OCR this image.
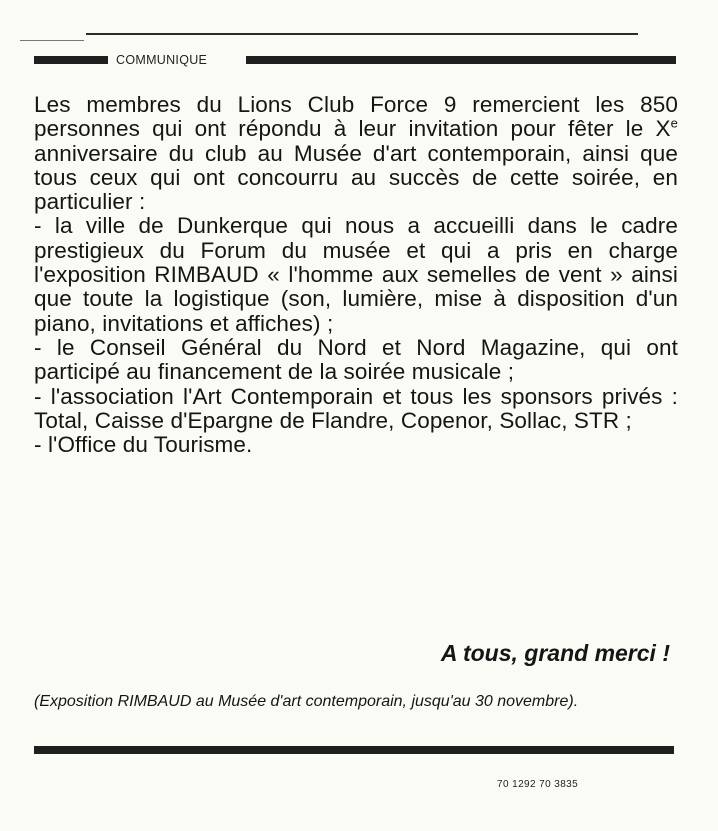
COMMUNIQUE

Les membres du Lions Club Force 9 remercient les 850 personnes qui ont répondu à leur invitation pour fêter le Xe anniversaire du club au Musée d'art contemporain, ainsi que tous ceux qui ont concourru au succès de cette soirée, en particulier :

- la ville de Dunkerque qui nous a accueilli dans le cadre prestigieux du Forum du musée et qui a pris en charge l'exposition RIMBAUD « l'homme aux semelles de vent » ainsi que toute la logistique (son, lumière, mise à disposition d'un piano, invitations et affiches) ;

- le Conseil Général du Nord et Nord Magazine, qui ont participé au financement de la soirée musicale ;

- l'association l'Art Contemporain et tous les sponsors privés : Total, Caisse d'Epargne de Flandre, Copenor, Sollac, STR ;

- l'Office du Tourisme.

A tous, grand merci !
(Exposition RIMBAUD au Musée d'art contemporain, jusqu'au 30 novembre).
70 1292 70 3835
